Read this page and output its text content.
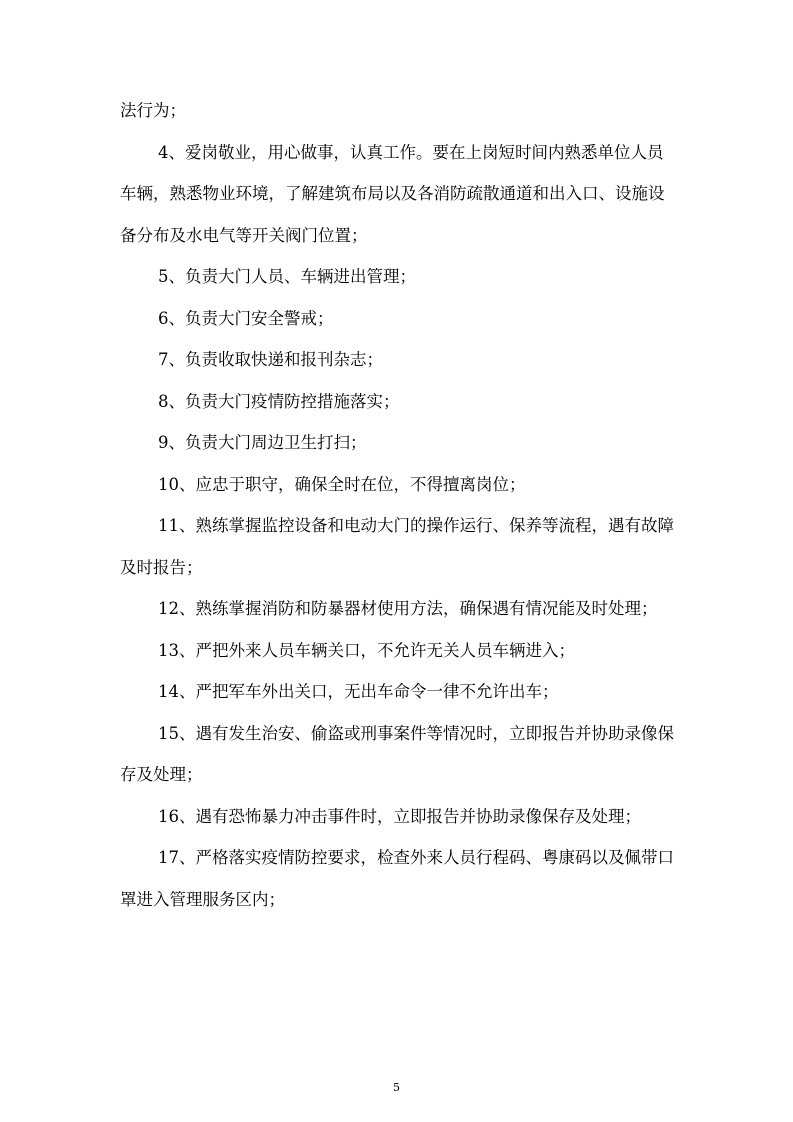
法行为；

4、爱岗敬业，用心做事，认真工作。要在上岗短时间内熟悉单位人员车辆，熟悉物业环境，了解建筑布局以及各消防疏散通道和出入口、设施设备分布及水电气等开关阀门位置；

5、负责大门人员、车辆进出管理；

6、负责大门安全警戒；

7、负责收取快递和报刊杂志；

8、负责大门疫情防控措施落实；

9、负责大门周边卫生打扫；

10、应忠于职守，确保全时在位，不得擅离岗位；

11、熟练掌握监控设备和电动大门的操作运行、保养等流程，遇有故障及时报告；

12、熟练掌握消防和防暴器材使用方法，确保遇有情况能及时处理；

13、严把外来人员车辆关口，不允许无关人员车辆进入；

14、严把军车外出关口，无出车命令一律不允许出车；

15、遇有发生治安、偷盗或刑事案件等情况时，立即报告并协助录像保存及处理；

16、遇有恐怖暴力冲击事件时，立即报告并协助录像保存及处理；

17、严格落实疫情防控要求，检查外来人员行程码、粤康码以及佩带口罩进入管理服务区内；

5
